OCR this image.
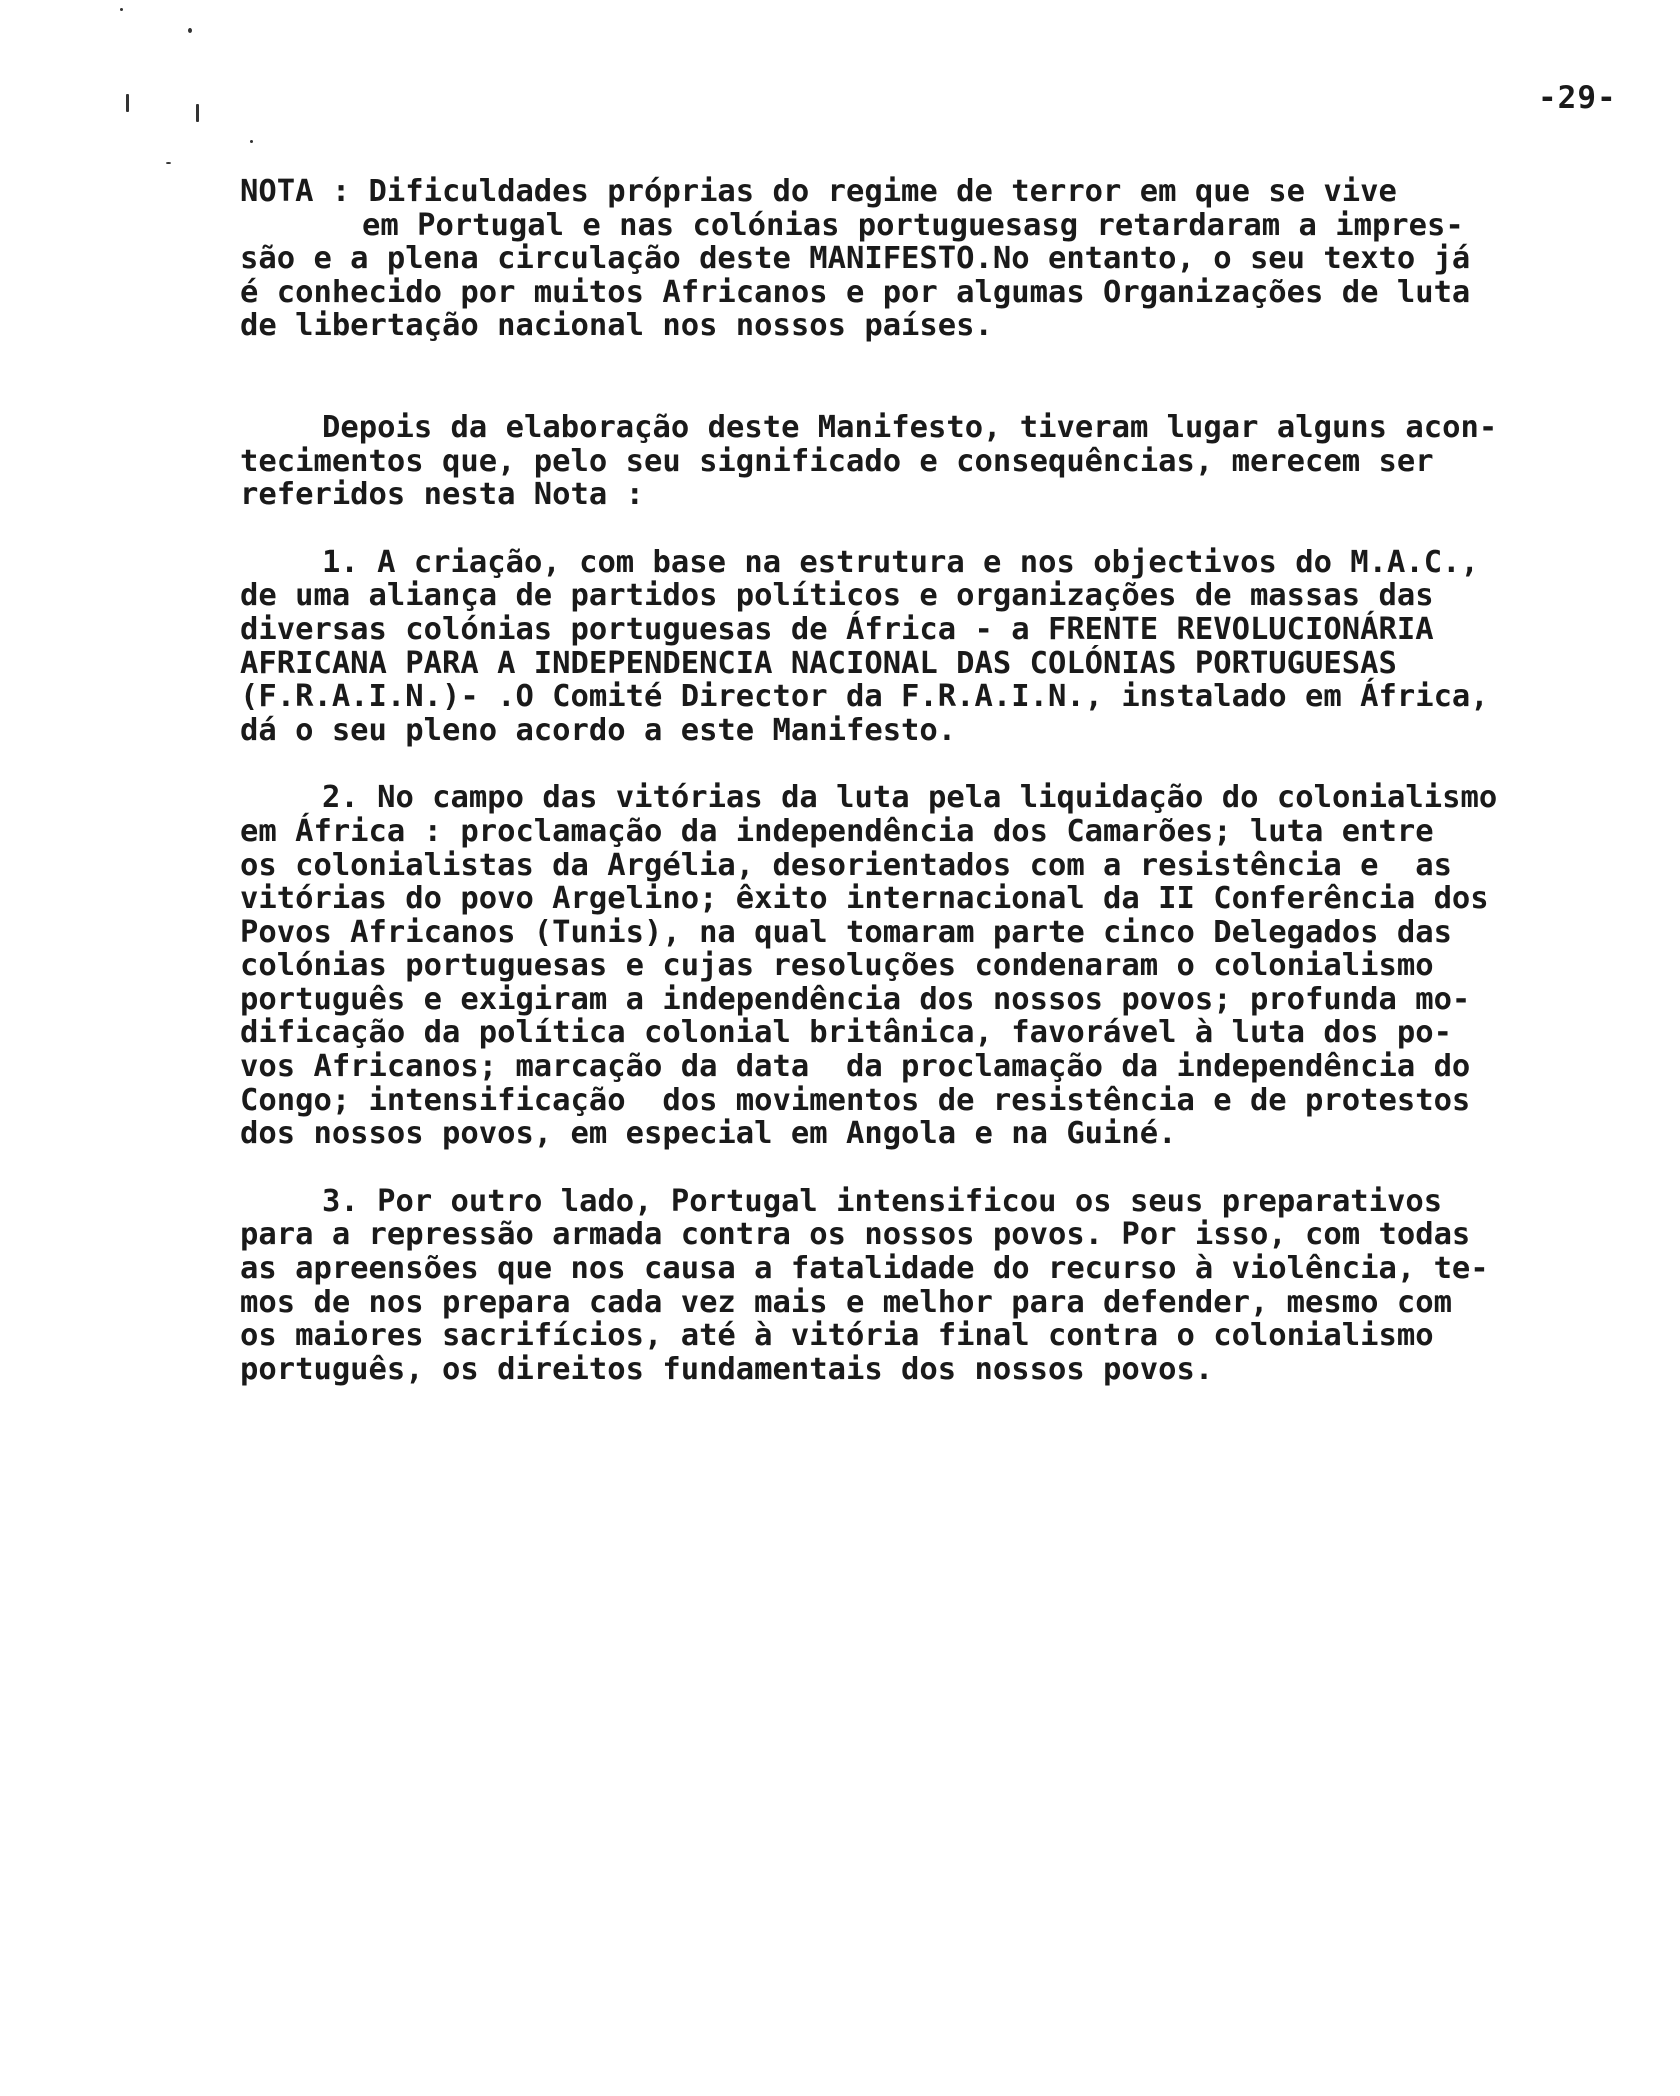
-29-
NOTA : Dificuldades próprias do regime de terror em que se vive
em Portugal e nas colónias portuguesasg retardaram a impres-
são e a plena circulação deste MANIFESTO.No entanto, o seu texto já
é conhecido por muitos Africanos e por algumas Organizações de luta
de libertação nacional nos nossos países.
Depois da elaboração deste Manifesto, tiveram lugar alguns acon-
tecimentos que, pelo seu significado e consequências, merecem ser
referidos nesta Nota :
1. A criação, com base na estrutura e nos objectivos do M.A.C.,
de uma aliança de partidos políticos e organizações de massas das
diversas colónias portuguesas de África - a FRENTE REVOLUCIONÁRIA
AFRICANA PARA A INDEPENDENCIA NACIONAL DAS COLÓNIAS PORTUGUESAS
(F.R.A.I.N.)- .O Comité Director da F.R.A.I.N., instalado em África,
dá o seu pleno acordo a este Manifesto.
2. No campo das vitórias da luta pela liquidação do colonialismo
em África : proclamação da independência dos Camarões; luta entre
os colonialistas da Argélia, desorientados com a resistência e  as
vitórias do povo Argelino; êxito internacional da II Conferência dos
Povos Africanos (Tunis), na qual tomaram parte cinco Delegados das
colónias portuguesas e cujas resoluções condenaram o colonialismo
português e exigiram a independência dos nossos povos; profunda mo-
dificação da política colonial britânica, favorável à luta dos po-
vos Africanos; marcação da data  da proclamação da independência do
Congo; intensificação  dos movimentos de resistência e de protestos
dos nossos povos, em especial em Angola e na Guiné.
3. Por outro lado, Portugal intensificou os seus preparativos
para a repressão armada contra os nossos povos. Por isso, com todas
as apreensões que nos causa a fatalidade do recurso à violência, te-
mos de nos prepara cada vez mais e melhor para defender, mesmo com
os maiores sacrifícios, até à vitória final contra o colonialismo
português, os direitos fundamentais dos nossos povos.
